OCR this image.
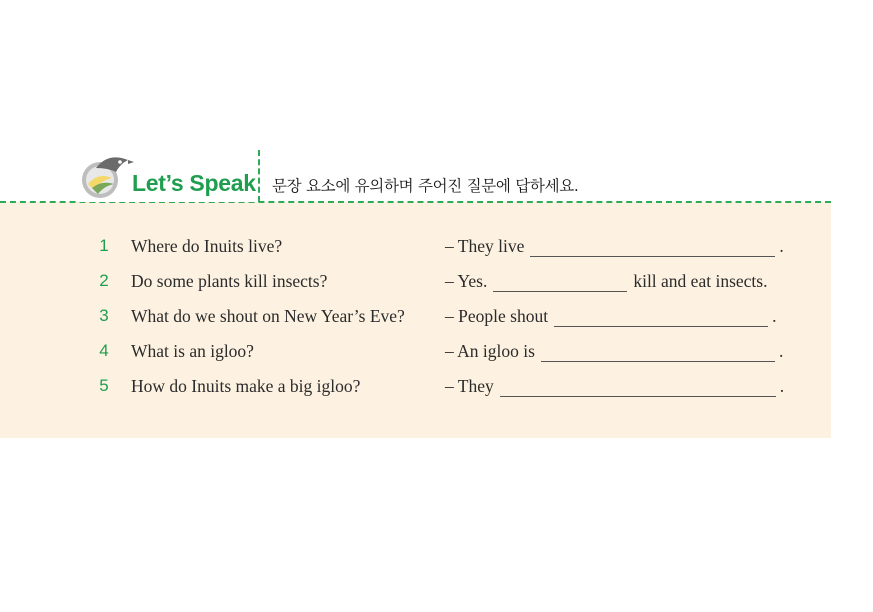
Let’s Speak 문장 요소에 유의하며 주어진 질문에 답하세요.
1 Where do Inuits live?	– They live	.
2 Do some plants kill insects?	– Yes.	kill and eat insects.
3 What do we shout on New Year’s Eve? – People shout	.
4 What is an igloo?	– An igloo is	.
5 How do Inuits make a big igloo?	– They	.
